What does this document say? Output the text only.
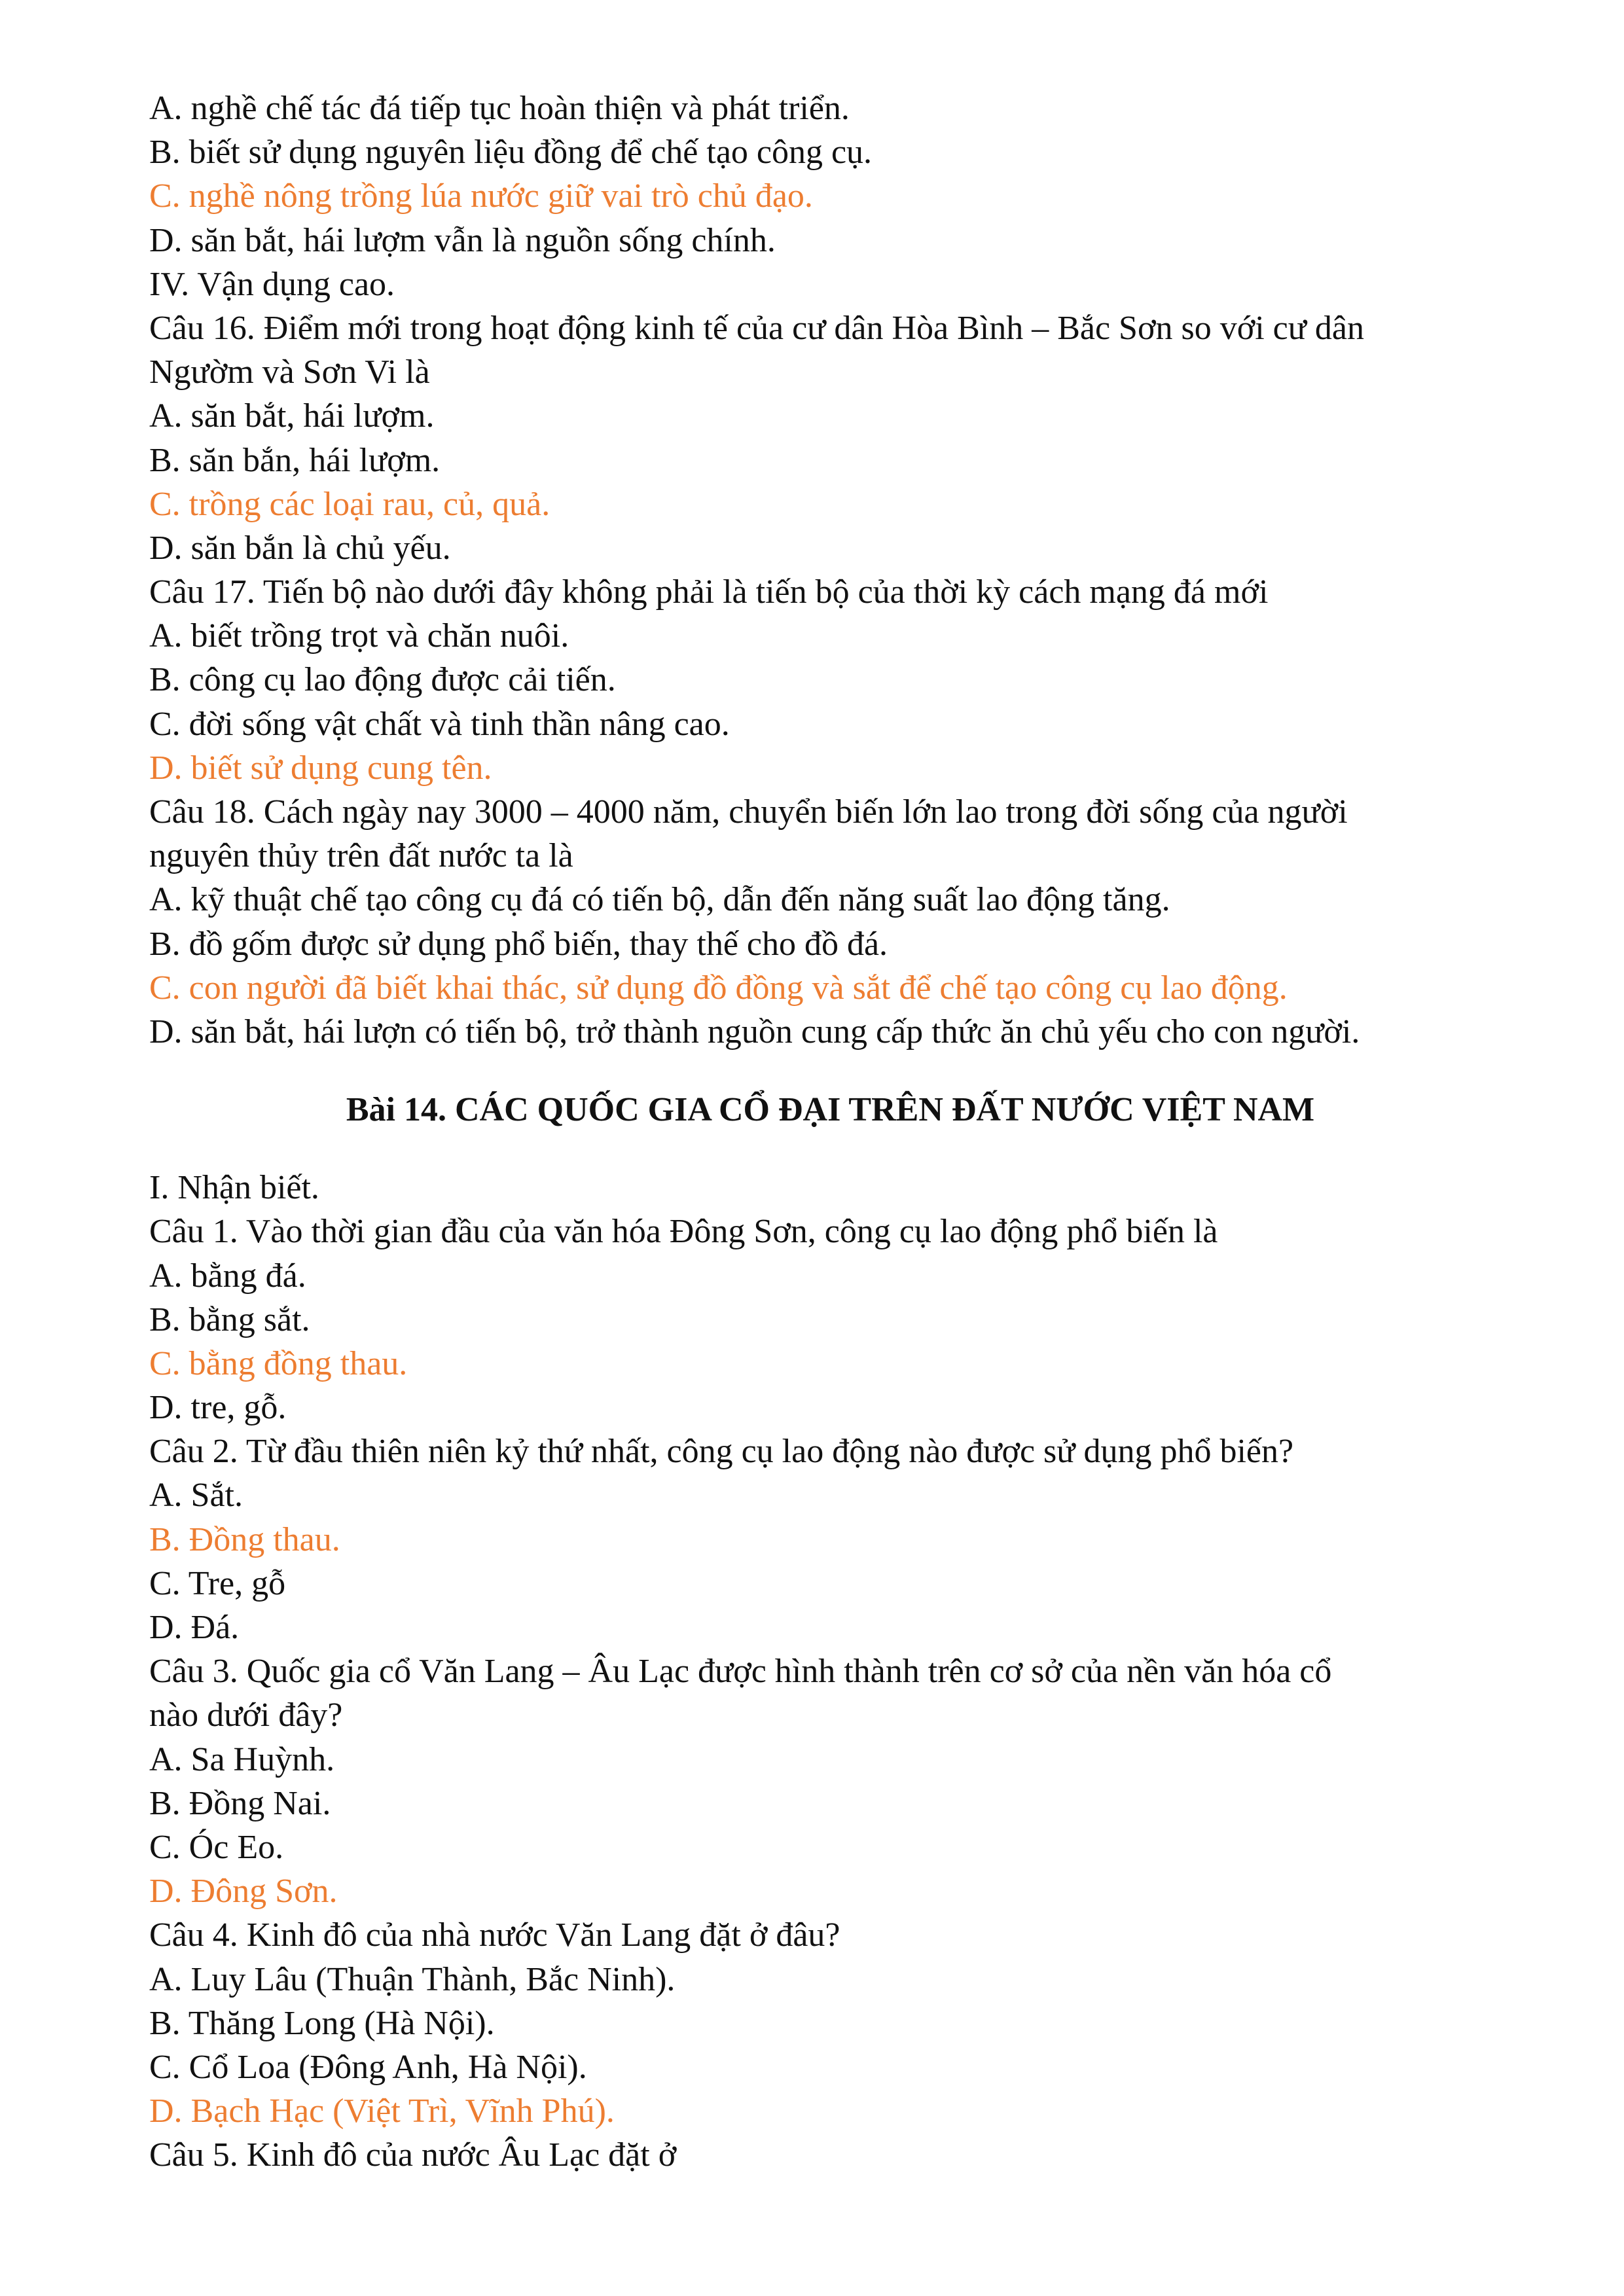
A. nghề chế tác đá tiếp tục hoàn thiện và phát triển.
B. biết sử dụng nguyên liệu đồng để chế tạo công cụ.
C. nghề nông trồng lúa nước giữ vai trò chủ đạo.
D. săn bắt, hái lượm vẫn là nguồn sống chính.
IV. Vận dụng cao.
Câu 16. Điểm mới trong hoạt động kinh tế của cư dân Hòa Bình – Bắc Sơn so với cư dân
Ngườm và Sơn Vi là
A. săn bắt, hái lượm.
B. săn bắn, hái lượm.
C. trồng các loại rau, củ, quả.
D. săn bắn là chủ yếu.
Câu 17. Tiến bộ nào dưới đây không phải là tiến bộ của thời kỳ cách mạng đá mới
A. biết trồng trọt và chăn nuôi.
B. công cụ lao động được cải tiến.
C. đời sống vật chất và tinh thần nâng cao.
D. biết sử dụng cung tên.
Câu 18. Cách ngày nay 3000 – 4000 năm, chuyển biến lớn lao trong đời sống của người
nguyên thủy trên đất nước ta là
A. kỹ thuật chế tạo công cụ đá có tiến bộ, dẫn đến năng suất lao động tăng.
B. đồ gốm được sử dụng phổ biến, thay thế cho đồ đá.
C. con người đã biết khai thác, sử dụng đồ đồng và sắt để chế tạo công cụ lao động.
D. săn bắt, hái lượn có tiến bộ, trở thành nguồn cung cấp thức ăn chủ yếu cho con người.
Bài 14. CÁC QUỐC GIA CỔ ĐẠI TRÊN ĐẤT NƯỚC VIỆT NAM
I. Nhận biết.
Câu 1. Vào thời gian đầu của văn hóa Đông Sơn, công cụ lao động phổ biến là
A. bằng đá.
B. bằng sắt.
C. bằng đồng thau.
D. tre, gỗ.
Câu 2. Từ đầu thiên niên kỷ thứ nhất, công cụ lao động nào được sử dụng phổ biến?
A. Sắt.
B. Đồng thau.
C. Tre, gỗ
D. Đá.
Câu 3. Quốc gia cổ Văn Lang – Âu Lạc được hình thành trên cơ sở của nền văn hóa cổ
nào dưới đây?
A. Sa Huỳnh.
B. Đồng Nai.
C. Óc Eo.
D. Đông Sơn.
Câu 4. Kinh đô của nhà nước Văn Lang đặt ở đâu?
A. Luy Lâu (Thuận Thành, Bắc Ninh).
B. Thăng Long (Hà Nội).
C. Cổ Loa (Đông Anh, Hà Nội).
D. Bạch Hạc (Việt Trì, Vĩnh Phú).
Câu 5. Kinh đô của nước Âu Lạc đặt ở
